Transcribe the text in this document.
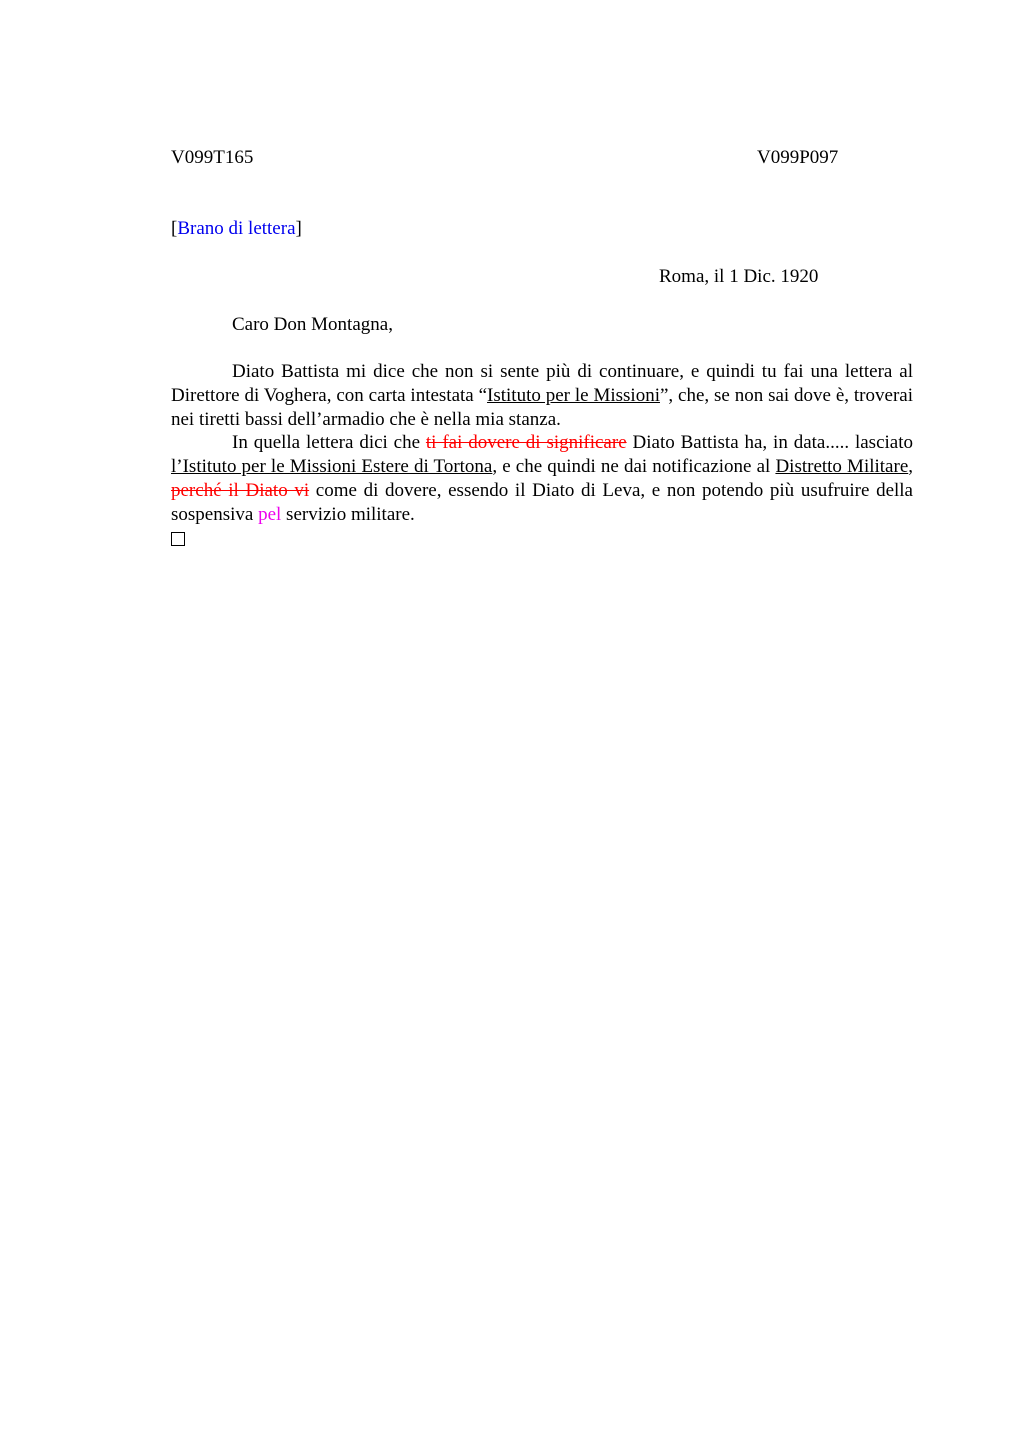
V099T165	V099P097
[Brano di lettera]
Roma, il 1 Dic. 1920
Caro Don Montagna,

Diato Battista mi dice che non si sente più di continuare, e quindi tu fai una lettera al Direttore di Voghera, con carta intestata “Istituto per le Missioni”, che, se non sai dove è, troverai nei tiretti bassi dell’armadio che è nella mia stanza.

In quella lettera dici che ti fai dovere di significare Diato Battista ha, in data..... lasciato l’Istituto per le Missioni Estere di Tortona, e che quindi ne dai notificazione al Distretto Militare, perché il Diato vi come di dovere, essendo il Diato di Leva, e non potendo più usufruire della sospensiva pel servizio militare.
